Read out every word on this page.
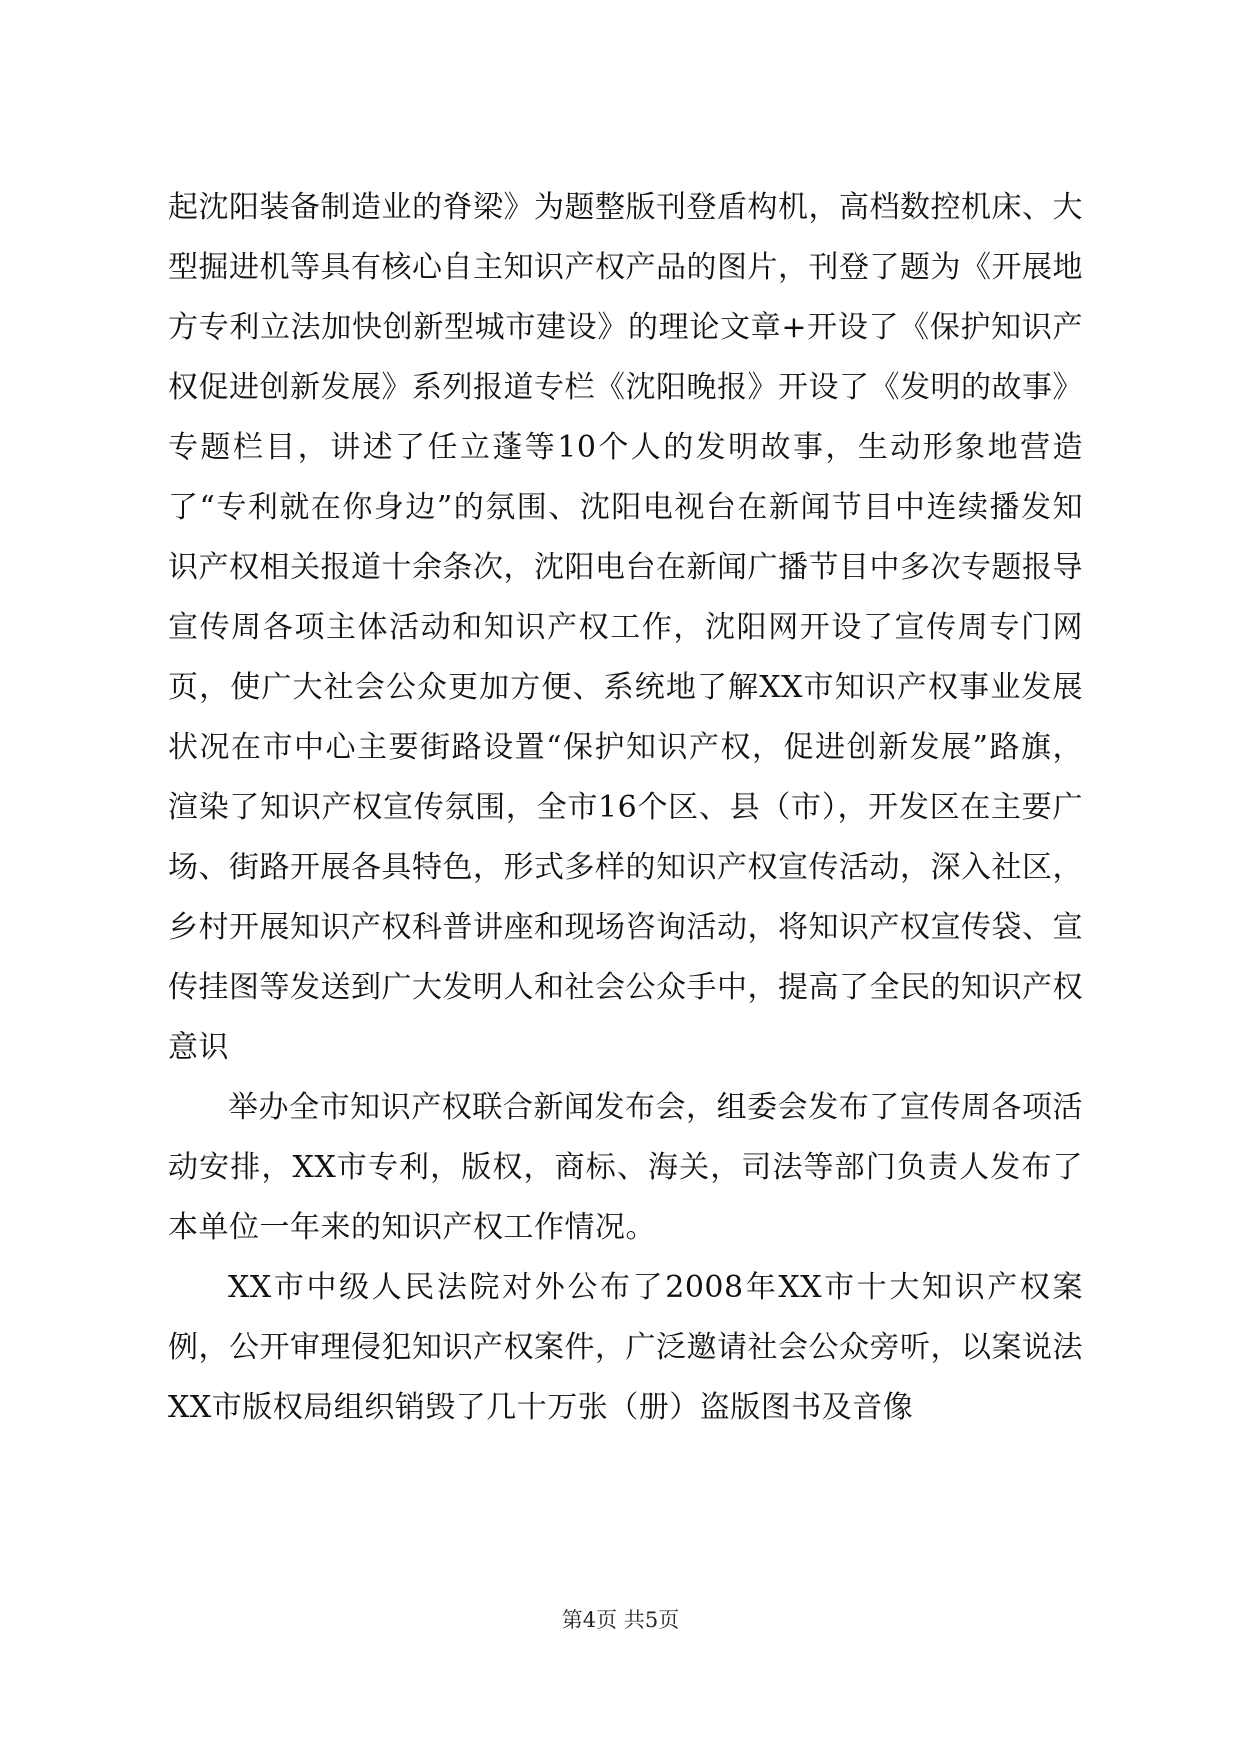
起沈阳装备制造业的脊梁》为题整版刊登盾构机，高档数控机床、大型掘进机等具有核心自主知识产权产品的图片，刊登了题为《开展地方专利立法加快创新型城市建设》的理论文章+开设了《保护知识产权促进创新发展》系列报道专栏《沈阳晚报》开设了《发明的故事》专题栏目，讲述了任立蓬等10个人的发明故事，生动形象地营造了“专利就在你身边”的氛围、沈阳电视台在新闻节目中连续播发知识产权相关报道十余条次，沈阳电台在新闻广播节目中多次专题报导宣传周各项主体活动和知识产权工作，沈阳网开设了宣传周专门网页，使广大社会公众更加方便、系统地了解XX市知识产权事业发展状况在市中心主要街路设置“保护知识产权，促进创新发展”路旗，渲染了知识产权宣传氛围，全市16个区、县（市），开发区在主要广场、街路开展各具特色，形式多样的知识产权宣传活动，深入社区，乡村开展知识产权科普讲座和现场咨询活动，将知识产权宣传袋、宣传挂图等发送到广大发明人和社会公众手中，提高了全民的知识产权意识

举办全市知识产权联合新闻发布会，组委会发布了宣传周各项活动安排，XX市专利，版权，商标、海关，司法等部门负责人发布了本单位一年来的知识产权工作情况。

XX市中级人民法院对外公布了2008年XX市十大知识产权案例，公开审理侵犯知识产权案件，广泛邀请社会公众旁听，以案说法XX市版权局组织销毁了几十万张（册）盗版图书及音像

第4页 共5页
